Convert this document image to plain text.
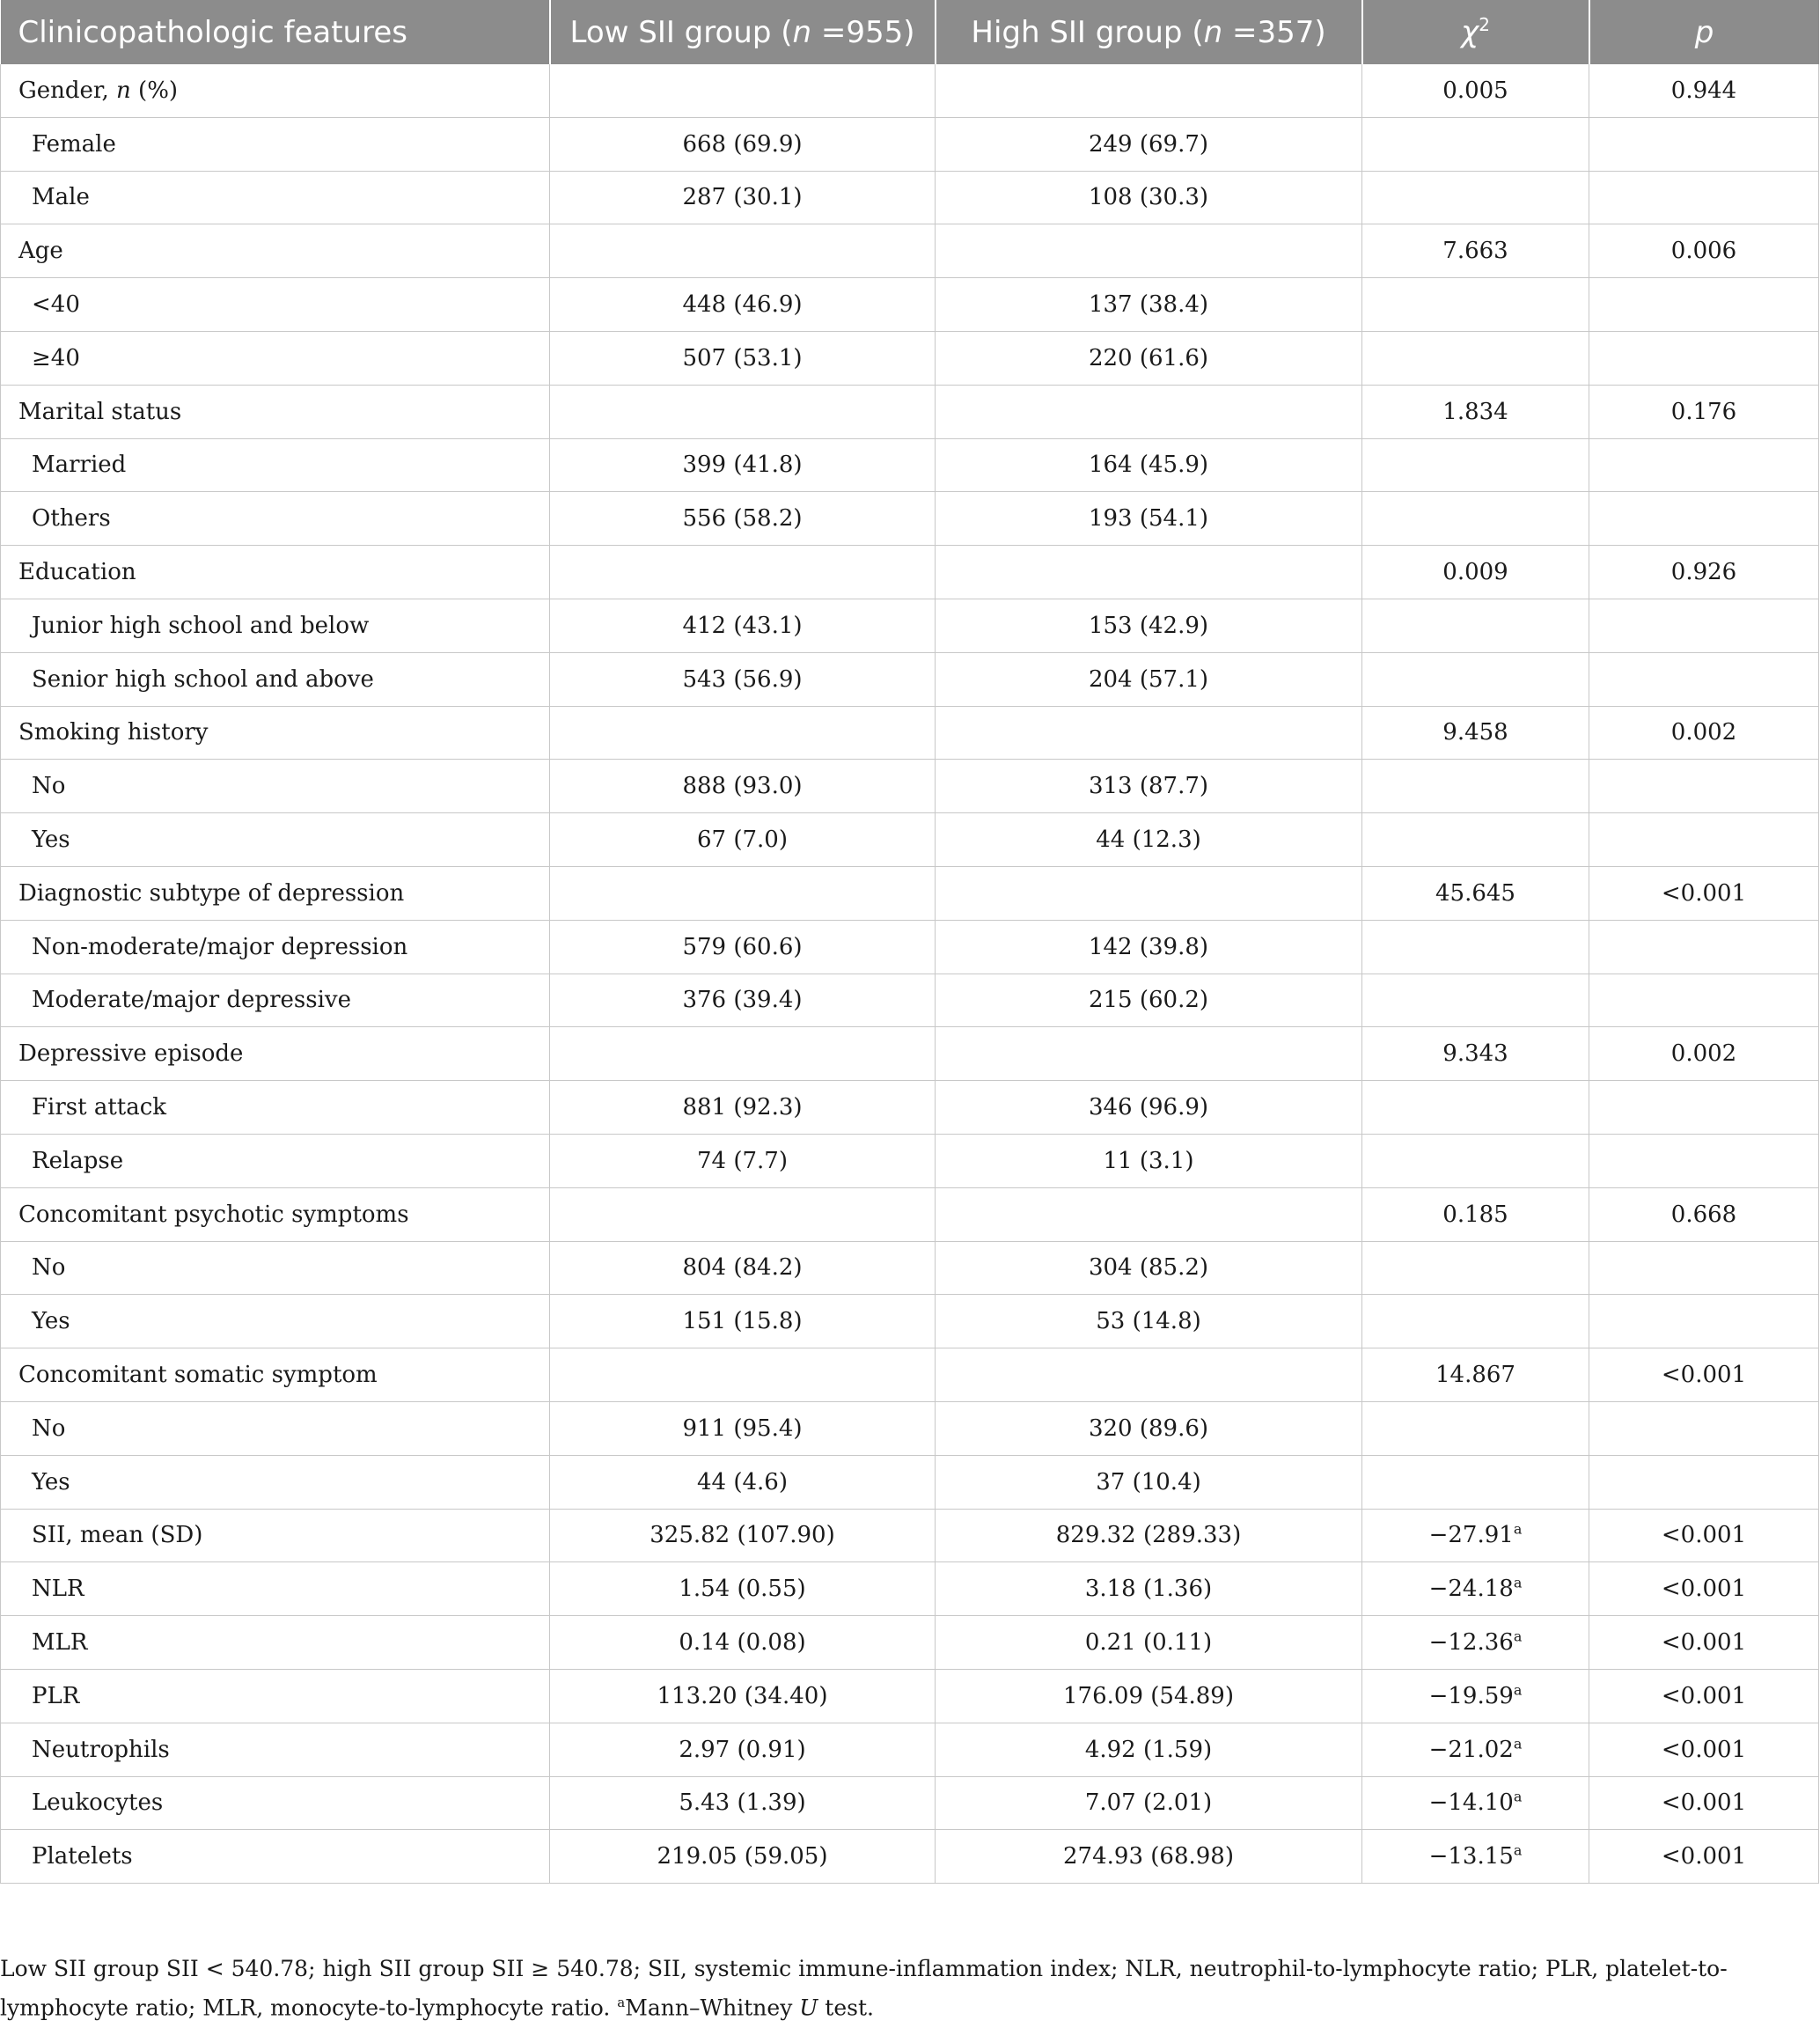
Clinicopathologic features	Low SII group (n =955)	High SII group (n =357)	$\chi^2$	p
Gender, n (%)			0.005	0.944
Female	668 (69.9)	249 (69.7)		
Male	287 (30.1)	108 (30.3)		
Age			7.663	0.006
<40	448 (46.9)	137 (38.4)		
≥40	507 (53.1)	220 (61.6)		
Marital status			1.834	0.176
Married	399 (41.8)	164 (45.9)		
Others	556 (58.2)	193 (54.1)		
Education			0.009	0.926
Junior high school and below	412 (43.1)	153 (42.9)		
Senior high school and above	543 (56.9)	204 (57.1)		
Smoking history			9.458	0.002
No	888 (93.0)	313 (87.7)		
Yes	67 (7.0)	44 (12.3)		
Diagnostic subtype of depression			45.645	<0.001
Non-moderate/major depression	579 (60.6)	142 (39.8)		
Moderate/major depressive	376 (39.4)	215 (60.2)		
Depressive episode			9.343	0.002
First attack	881 (92.3)	346 (96.9)		
Relapse	74 (7.7)	11 (3.1)		
Concomitant psychotic symptoms			0.185	0.668
No	804 (84.2)	304 (85.2)		
Yes	151 (15.8)	53 (14.8)		
Concomitant somatic symptom			14.867	<0.001
No	911 (95.4)	320 (89.6)		
Yes	44 (4.6)	37 (10.4)		
SII, mean (SD)	325.82 (107.90)	829.32 (289.33)	−27.91$^a$	<0.001
NLR	1.54 (0.55)	3.18 (1.36)	−24.18$^a$	<0.001
MLR	0.14 (0.08)	0.21 (0.11)	−12.36$^a$	<0.001
PLR	113.20 (34.40)	176.09 (54.89)	−19.59$^a$	<0.001
Neutrophils	2.97 (0.91)	4.92 (1.59)	−21.02$^a$	<0.001
Leukocytes	5.43 (1.39)	7.07 (2.01)	−14.10$^a$	<0.001
Platelets	219.05 (59.05)	274.93 (68.98)	−13.15$^a$	<0.001
Low SII group SII < 540.78; high SII group SII ≥ 540.78; SII, systemic immune-inflammation index; NLR, neutrophil-to-lymphocyte ratio; PLR, platelet-to-lymphocyte ratio; MLR, monocyte-to-lymphocyte ratio. $^a$Mann–Whitney U test.
